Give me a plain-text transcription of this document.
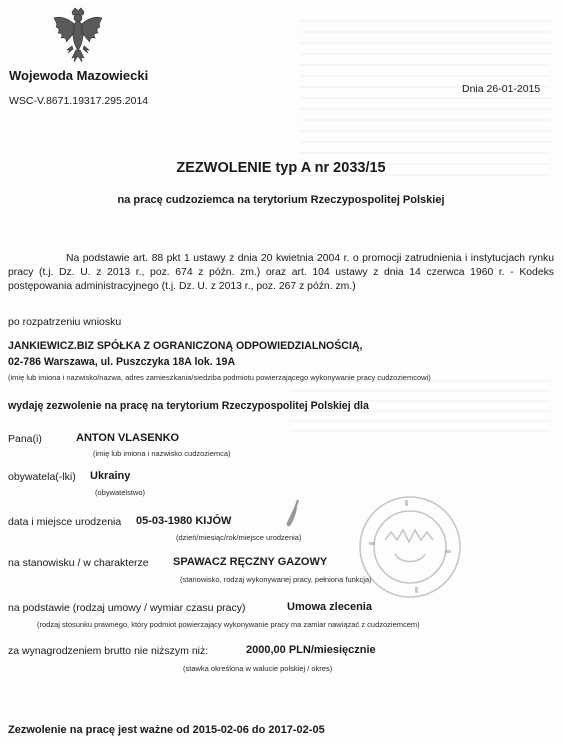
Wojewoda Mazowiecki
WSC-V.8671.19317.295.2014
Dnia 26-01-2015
ZEZWOLENIE typ A nr 2033/15
na pracę cudzoziemca na terytorium Rzeczypospolitej Polskiej
Na podstawie art. 88 pkt 1 ustawy z dnia 20 kwietnia 2004 r. o promocji zatrudnienia i instytucjach rynku pracy (t.j. Dz. U. z 2013 r., poz. 674 z późn. zm.) oraz art. 104 ustawy z dnia 14 czerwca 1960 r. - Kodeks postępowania administracyjnego (t.j. Dz. U. z 2013 r., poz. 267 z późn. zm.)
po rozpatrzeniu wniosku
JANKIEWICZ.BIZ SPÓŁKA Z OGRANICZONĄ ODPOWIEDZIALNOŚCIĄ,
02-786 Warszawa, ul. Puszczyka 18A lok. 19A
(imię lub imiona i nazwisko/nazwa, adres zamieszkania/siedziba podmiotu powierzającego wykonywanie pracy cudzoziemcowi)
wydaję zezwolenie na pracę na terytorium Rzeczypospolitej Polskiej dla
Pana(i)	ANTON VLASENKO
(imię lub imiona i nazwisko cudzoziemca)
obywatela(-lki) Ukrainy
(obywatelstwo)
data i miejsce urodzenia 05-03-1980 KIJÓW
(dzień/miesiąc/rok/miejsce urodzenia)
na stanowisku / w charakterze SPAWACZ RĘCZNY GAZOWY
(stanowisko, rodzaj wykonywanej pracy, pełniona funkcja)
na podstawie (rodzaj umowy / wymiar czasu pracy)	Umowa zlecenia
(rodzaj stosunku prawnego, który podmiot powierzający wykonywanie pracy ma zamiar nawiązać z cudzoziemcem)
za wynagrodzeniem brutto nie niższym niż:	2000,00 PLN/miesięcznie
(stawka określona w walucie polskiej / okres)
Zezwolenie na pracę jest ważne od 2015-02-06 do 2017-02-05
